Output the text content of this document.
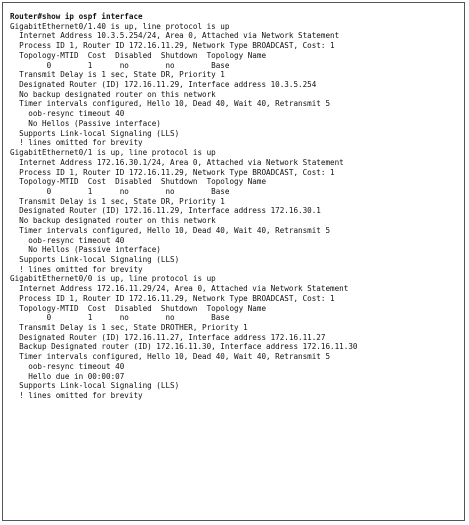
Router#show ip ospf interface
GigabitEthernet0/1.40 is up, line protocol is up
Internet Address 10.3.5.254/24, Area 0, Attached via Network Statement
Process ID 1, Router ID 172.16.11.29, Network Type BROADCAST, Cost: 1
Topology-MTID  Cost  Disabled  Shutdown  Topology Name
0        1      no        no        Base
Transmit Delay is 1 sec, State DR, Priority 1
Designated Router (ID) 172.16.11.29, Interface address 10.3.5.254
No backup designated router on this network
Timer intervals configured, Hello 10, Dead 40, Wait 40, Retransmit 5
oob-resync timeout 40
No Hellos (Passive interface)
Supports Link-local Signaling (LLS)
! lines omitted for brevity
GigabitEthernet0/1 is up, line protocol is up
Internet Address 172.16.30.1/24, Area 0, Attached via Network Statement
Process ID 1, Router ID 172.16.11.29, Network Type BROADCAST, Cost: 1
Topology-MTID  Cost  Disabled  Shutdown  Topology Name
0        1      no        no        Base
Transmit Delay is 1 sec, State DR, Priority 1
Designated Router (ID) 172.16.11.29, Interface address 172.16.30.1
No backup designated router on this network
Timer intervals configured, Hello 10, Dead 40, Wait 40, Retransmit 5
oob-resync timeout 40
No Hellos (Passive interface)
Supports Link-local Signaling (LLS)
! lines omitted for brevity
GigabitEthernet0/0 is up, line protocol is up
Internet Address 172.16.11.29/24, Area 0, Attached via Network Statement
Process ID 1, Router ID 172.16.11.29, Network Type BROADCAST, Cost: 1
Topology-MTID  Cost  Disabled  Shutdown  Topology Name
0        1      no        no        Base
Transmit Delay is 1 sec, State DROTHER, Priority 1
Designated Router (ID) 172.16.11.27, Interface address 172.16.11.27
Backup Designated router (ID) 172.16.11.30, Interface address 172.16.11.30
Timer intervals configured, Hello 10, Dead 40, Wait 40, Retransmit 5
oob-resync timeout 40
Hello due in 00:00:07
Supports Link-local Signaling (LLS)
! lines omitted for brevity
